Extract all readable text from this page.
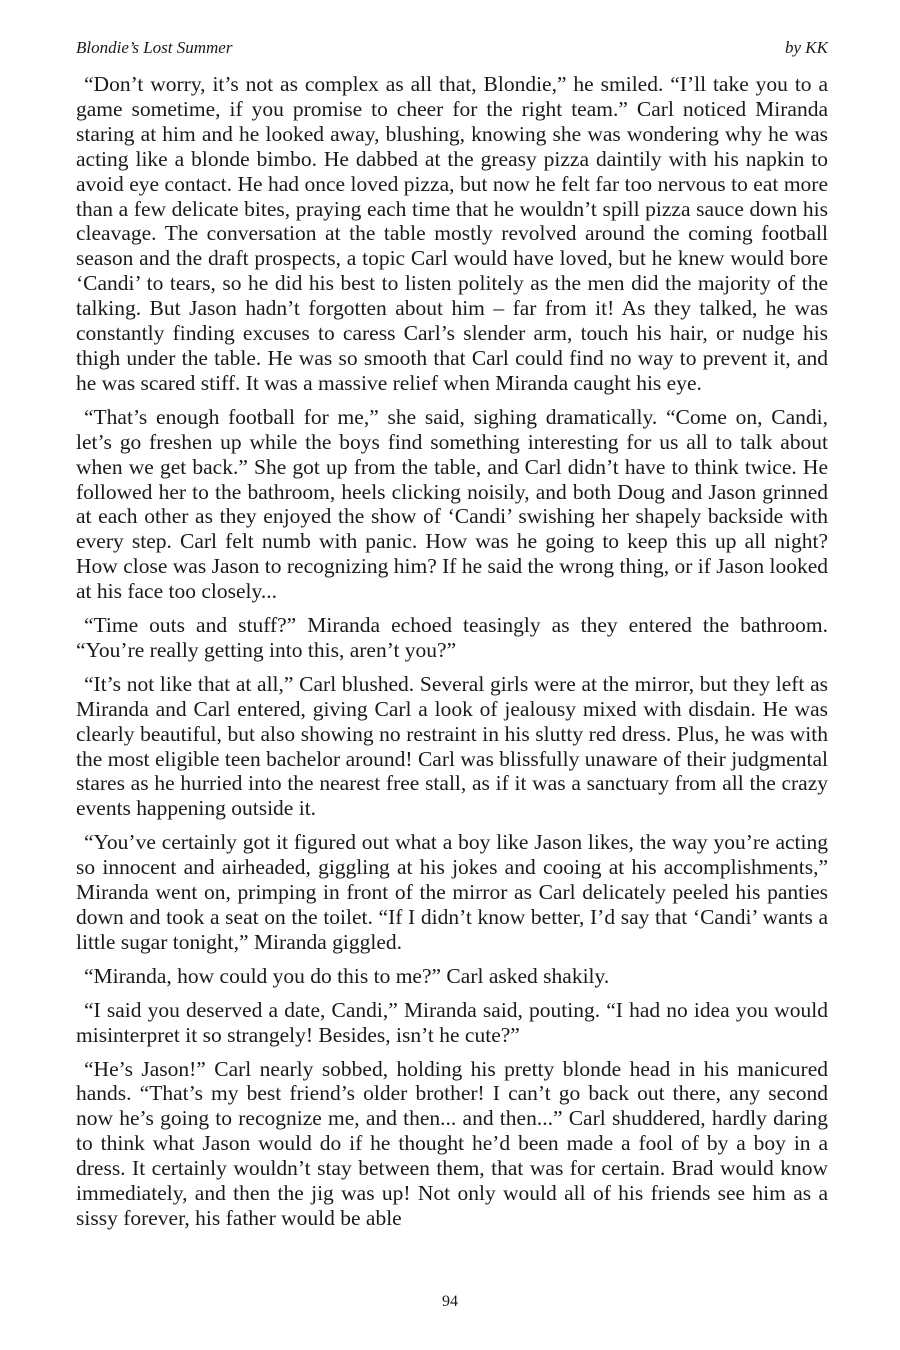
Blondie’s Lost Summer	by KK

“Don’t worry, it’s not as complex as all that, Blondie,” he smiled. “I’ll take you to a game sometime, if you promise to cheer for the right team.” Carl noticed Miranda staring at him and he looked away, blushing, knowing she was wondering why he was acting like a blonde bimbo. He dabbed at the greasy pizza daintily with his napkin to avoid eye contact. He had once loved pizza, but now he felt far too nervous to eat more than a few delicate bites, praying each time that he wouldn’t spill pizza sauce down his cleavage. The conversation at the table mostly revolved around the coming football season and the draft prospects, a topic Carl would have loved, but he knew would bore ‘Candi’ to tears, so he did his best to listen politely as the men did the majority of the talking. But Jason hadn’t forgotten about him – far from it! As they talked, he was constantly finding excuses to caress Carl’s slender arm, touch his hair, or nudge his thigh under the table. He was so smooth that Carl could find no way to prevent it, and he was scared stiff. It was a massive relief when Miranda caught his eye.

“That’s enough football for me,” she said, sighing dramatically. “Come on, Candi, let’s go freshen up while the boys find something interesting for us all to talk about when we get back.” She got up from the table, and Carl didn’t have to think twice. He followed her to the bathroom, heels clicking noisily, and both Doug and Jason grinned at each other as they enjoyed the show of ‘Candi’ swishing her shapely backside with every step. Carl felt numb with panic. How was he going to keep this up all night? How close was Jason to recognizing him? If he said the wrong thing, or if Jason looked at his face too closely...

“Time outs and stuff?” Miranda echoed teasingly as they entered the bathroom. “You’re really getting into this, aren’t you?”

“It’s not like that at all,” Carl blushed. Several girls were at the mirror, but they left as Miranda and Carl entered, giving Carl a look of jealousy mixed with disdain. He was clearly beautiful, but also showing no restraint in his slutty red dress. Plus, he was with the most eligible teen bachelor around! Carl was blissfully unaware of their judgmental stares as he hurried into the nearest free stall, as if it was a sanctuary from all the crazy events happening outside it.

“You’ve certainly got it figured out what a boy like Jason likes, the way you’re acting so innocent and airheaded, giggling at his jokes and cooing at his accomplishments,” Miranda went on, primping in front of the mirror as Carl delicately peeled his panties down and took a seat on the toilet. “If I didn’t know better, I’d say that ‘Candi’ wants a little sugar tonight,” Miranda giggled.

“Miranda, how could you do this to me?” Carl asked shakily.

“I said you deserved a date, Candi,” Miranda said, pouting. “I had no idea you would misinterpret it so strangely! Besides, isn’t he cute?”

“He’s Jason!” Carl nearly sobbed, holding his pretty blonde head in his manicured hands. “That’s my best friend’s older brother! I can’t go back out there, any second now he’s going to recognize me, and then... and then...” Carl shuddered, hardly daring to think what Jason would do if he thought he’d been made a fool of by a boy in a dress. It certainly wouldn’t stay between them, that was for certain. Brad would know immediately, and then the jig was up! Not only would all of his friends see him as a sissy forever, his father would be able

94
